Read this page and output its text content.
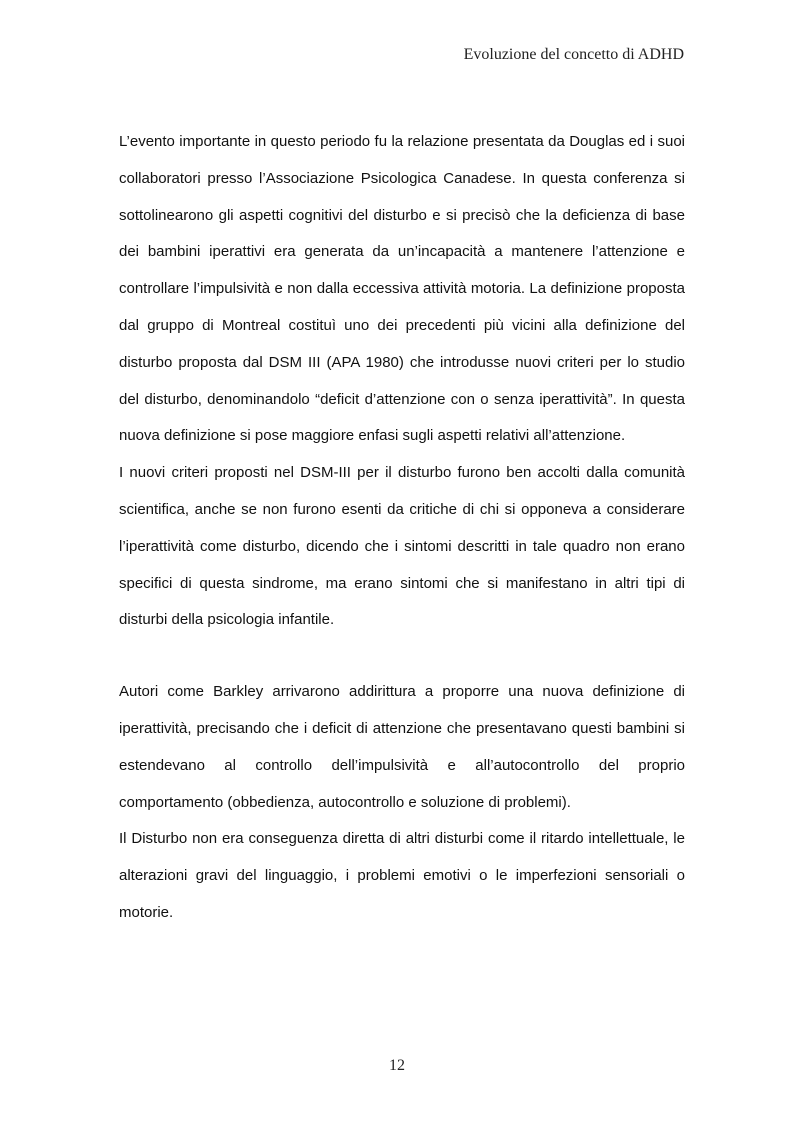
Evoluzione del concetto di ADHD

L’evento importante in questo periodo fu la relazione presentata da Douglas ed i suoi collaboratori presso l’Associazione Psicologica Canadese. In questa conferenza si sottolinearono gli aspetti cognitivi del disturbo e si precisò che la deficienza di base dei bambini iperattivi era generata da un’incapacità a mantenere l’attenzione e controllare l’impulsività e non dalla eccessiva attività motoria. La definizione proposta dal gruppo di Montreal costituì uno dei precedenti più vicini alla definizione del disturbo proposta dal DSM III (APA 1980) che introdusse nuovi criteri per lo studio del disturbo, denominandolo “deficit d’attenzione con o senza iperattività”. In questa nuova definizione si pose maggiore enfasi sugli aspetti relativi all’attenzione.

I nuovi criteri proposti nel DSM-III per il disturbo furono ben accolti dalla comunità scientifica, anche se non furono esenti da critiche di chi si opponeva a considerare l’iperattività come disturbo, dicendo che i sintomi descritti in tale quadro non erano specifici di questa sindrome, ma erano sintomi che si manifestano in altri tipi di disturbi della psicologia infantile.

Autori come Barkley arrivarono addirittura a proporre una nuova definizione di iperattività, precisando che i deficit di attenzione che presentavano questi bambini si estendevano al controllo dell’impulsività e all’autocontrollo del proprio comportamento (obbedienza, autocontrollo e soluzione di problemi).

Il Disturbo non era conseguenza diretta di altri disturbi come il ritardo intellettuale, le alterazioni gravi del linguaggio, i problemi emotivi o le imperfezioni sensoriali o motorie.

12
